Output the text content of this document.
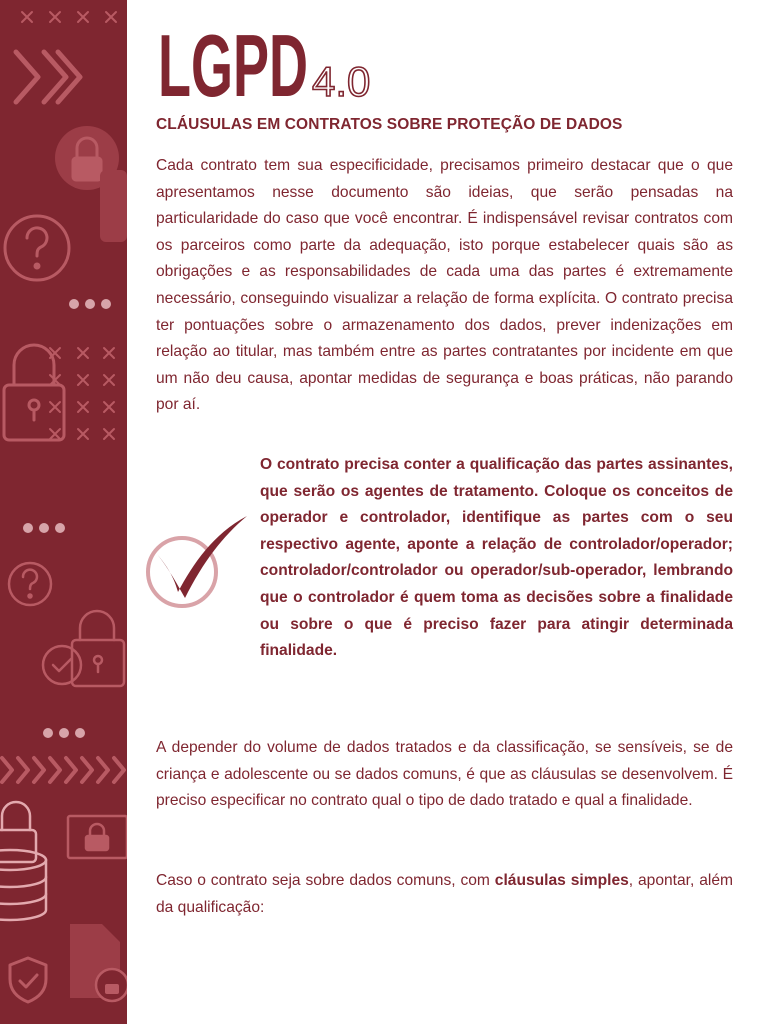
LGPD 4.0
CLÁUSULAS EM CONTRATOS SOBRE PROTEÇÃO DE DADOS

Cada contrato tem sua especificidade, precisamos primeiro destacar que o que apresentamos nesse documento são ideias, que serão pensadas na particularidade do caso que você encontrar. É indispensável revisar contratos com os parceiros como parte da adequação, isto porque estabelecer quais são as obrigações e as responsabilidades de cada uma das partes é extremamente necessário, conseguindo visualizar a relação de forma explícita. O contrato precisa ter pontuações sobre o armazenamento dos dados, prever indenizações em relação ao titular, mas também entre as partes contratantes por incidente em que um não deu causa, apontar medidas de segurança e boas práticas, não parando por aí.

O contrato precisa conter a qualificação das partes assinantes, que serão os agentes de tratamento. Coloque os conceitos de operador e controlador, identifique as partes com o seu respectivo agente, aponte a relação de controlador/operador; controlador/controlador ou operador/sub-operador, lembrando que o controlador é quem toma as decisões sobre a finalidade ou sobre o que é preciso fazer para atingir determinada finalidade.

A depender do volume de dados tratados e da classificação, se sensíveis, se de criança e adolescente ou se dados comuns, é que as cláusulas se desenvolvem. É preciso especificar no contrato qual o tipo de dado tratado e qual a finalidade.

Caso o contrato seja sobre dados comuns, com cláusulas simples, apontar, além da qualificação:
